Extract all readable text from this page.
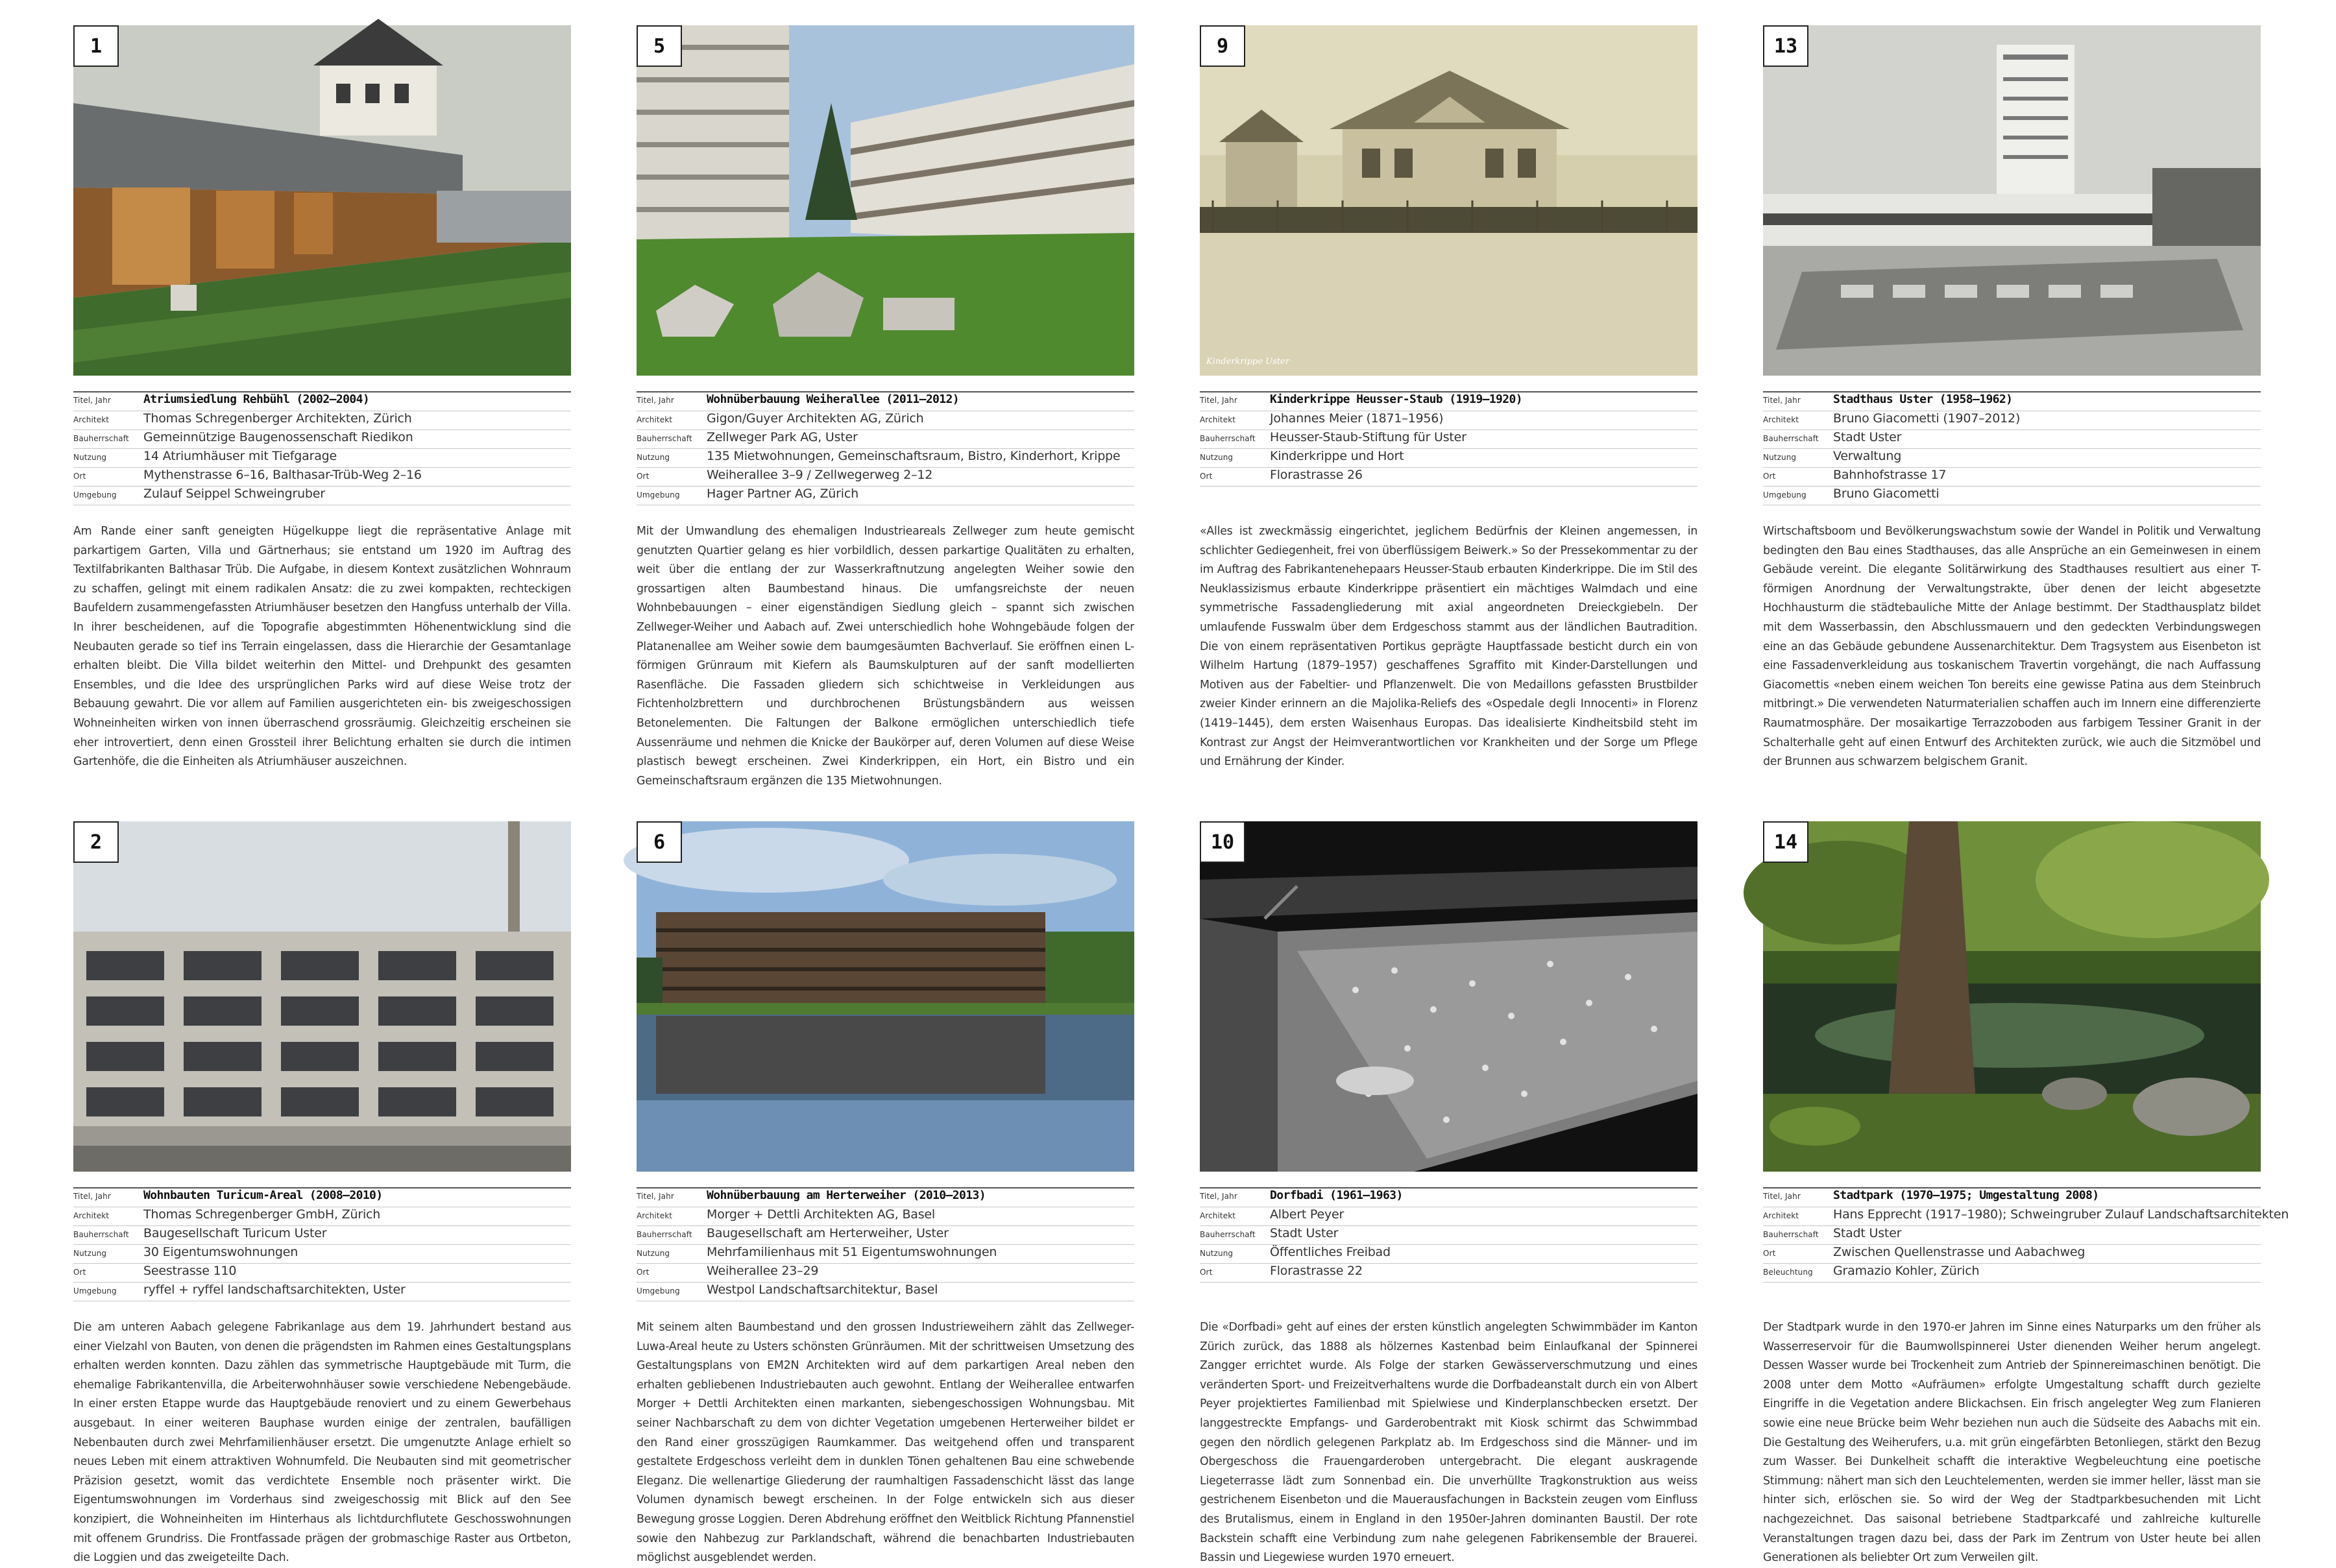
1
Titel, Jahr	Atriumsiedlung Rehbühl (2002–2004)
Architekt	Thomas Schregenberger Architekten, Zürich
Bauherrschaft	Gemeinnützige Baugenossenschaft Riedikon
Nutzung	14 Atriumhäuser mit Tiefgarage
Ort	Mythenstrasse 6–16, Balthasar-Trüb-Weg 2–16
Umgebung	Zulauf Seippel Schweingruber

Am Rande einer sanft geneigten Hügelkuppe liegt die repräsentative Anlage mit parkartigem Garten, Villa und Gärtnerhaus; sie entstand um 1920 im Auftrag des Textilfabrikanten Balthasar Trüb. Die Aufgabe, in diesem Kontext zusätzlichen Wohnraum zu schaffen, gelingt mit einem radikalen Ansatz: die zu zwei kompakten, rechteckigen Baufeldern zusammengefassten Atriumhäuser besetzen den Hangfuss unterhalb der Villa. In ihrer bescheidenen, auf die Topografie abgestimmten Höhenentwicklung sind die Neubauten gerade so tief ins Terrain eingelassen, dass die Hierarchie der Gesamtanlage erhalten bleibt. Die Villa bildet weiterhin den Mittel- und Drehpunkt des gesamten Ensembles, und die Idee des ursprünglichen Parks wird auf diese Weise trotz der Bebauung gewahrt. Die vor allem auf Familien ausgerichteten ein- bis zweigeschossigen Wohneinheiten wirken von innen überraschend grossräumig. Gleichzeitig erscheinen sie eher introvertiert, denn einen Grossteil ihrer Belichtung erhalten sie durch die intimen Gartenhöfe, die die Einheiten als Atriumhäuser auszeichnen.

5
Titel, Jahr	Wohnüberbauung Weiherallee (2011–2012)
Architekt	Gigon/Guyer Architekten AG, Zürich
Bauherrschaft	Zellweger Park AG, Uster
Nutzung	135 Mietwohnungen, Gemeinschaftsraum, Bistro, Kinderhort, Krippe
Ort	Weiherallee 3–9 / Zellwegerweg 2–12
Umgebung	Hager Partner AG, Zürich

Mit der Umwandlung des ehemaligen Industrieareals Zellweger zum heute gemischt genutzten Quartier gelang es hier vorbildlich, dessen parkartige Qualitäten zu erhalten, weit über die entlang der zur Wasserkraftnutzung angelegten Weiher sowie den grossartigen alten Baumbestand hinaus. Die umfangsreichste der neuen Wohnbebauungen – einer eigenständigen Siedlung gleich – spannt sich zwischen Zellweger-Weiher und Aabach auf. Zwei unterschiedlich hohe Wohngebäude folgen der Platanenallee am Weiher sowie dem baumgesäumten Bachverlauf. Sie eröffnen einen L-förmigen Grünraum mit Kiefern als Baumskulpturen auf der sanft modellierten Rasenfläche. Die Fassaden gliedern sich schichtweise in Verkleidungen aus Fichtenholzbrettern und durchbrochenen Brüstungsbändern aus weissen Betonelementen. Die Faltungen der Balkone ermöglichen unterschiedlich tiefe Aussenräume und nehmen die Knicke der Baukörper auf, deren Volumen auf diese Weise plastisch bewegt erscheinen. Zwei Kinderkrippen, ein Hort, ein Bistro und ein Gemeinschaftsraum ergänzen die 135 Mietwohnungen.

Kinderkrippe Uster
9
Titel, Jahr	Kinderkrippe Heusser-Staub (1919–1920)
Architekt	Johannes Meier (1871–1956)
Bauherrschaft	Heusser-Staub-Stiftung für Uster
Nutzung	Kinderkrippe und Hort
Ort	Florastrasse 26

«Alles ist zweckmässig eingerichtet, jeglichem Bedürfnis der Kleinen angemessen, in schlichter Gediegenheit, frei von überflüssigem Beiwerk.» So der Pressekommentar zu der im Auftrag des Fabrikantenehepaars Heusser-Staub erbauten Kinderkrippe. Die im Stil des Neuklassizismus erbaute Kinderkrippe präsentiert ein mächtiges Walmdach und eine symmetrische Fassadengliederung mit axial angeordneten Dreieckgiebeln. Der umlaufende Fusswalm über dem Erdgeschoss stammt aus der ländlichen Bautradition. Die von einem repräsentativen Portikus geprägte Hauptfassade besticht durch ein von Wilhelm Hartung (1879–1957) geschaffenes Sgraffito mit Kinder-Darstellungen und Motiven aus der Fabeltier- und Pflanzenwelt. Die von Medaillons gefassten Brustbilder zweier Kinder erinnern an die Majolika-Reliefs des «Ospedale degli Innocenti» in Florenz (1419–1445), dem ersten Waisenhaus Europas. Das idealisierte Kindheitsbild steht im Kontrast zur Angst der Heimverantwortlichen vor Krankheiten und der Sorge um Pflege und Ernährung der Kinder.

13
Titel, Jahr	Stadthaus Uster (1958–1962)
Architekt	Bruno Giacometti (1907–2012)
Bauherrschaft	Stadt Uster
Nutzung	Verwaltung
Ort	Bahnhofstrasse 17
Umgebung	Bruno Giacometti

Wirtschaftsboom und Bevölkerungswachstum sowie der Wandel in Politik und Verwaltung bedingten den Bau eines Stadthauses, das alle Ansprüche an ein Gemeinwesen in einem Gebäude vereint. Die elegante Solitärwirkung des Stadthauses resultiert aus einer T-förmigen Anordnung der Verwaltungstrakte, über denen der leicht abgesetzte Hochhausturm die städtebauliche Mitte der Anlage bestimmt. Der Stadthausplatz bildet mit dem Wasserbassin, den Abschlussmauern und den gedeckten Verbindungswegen eine an das Gebäude gebundene Aussenarchitektur. Dem Tragsystem aus Eisenbeton ist eine Fassadenverkleidung aus toskanischem Travertin vorgehängt, die nach Auffassung Giacomettis «neben einem weichen Ton bereits eine gewisse Patina aus dem Steinbruch mitbringt.» Die verwendeten Naturmaterialien schaffen auch im Innern eine differenzierte Raumatmosphäre. Der mosaikartige Terrazzoboden aus farbigem Tessiner Granit in der Schalterhalle geht auf einen Entwurf des Architekten zurück, wie auch die Sitzmöbel und der Brunnen aus schwarzem belgischem Granit.

2
Titel, Jahr	Wohnbauten Turicum-Areal (2008–2010)
Architekt	Thomas Schregenberger GmbH, Zürich
Bauherrschaft	Baugesellschaft Turicum Uster
Nutzung	30 Eigentumswohnungen
Ort	Seestrasse 110
Umgebung	ryffel + ryffel landschaftsarchitekten, Uster

Die am unteren Aabach gelegene Fabrikanlage aus dem 19. Jahrhundert bestand aus einer Vielzahl von Bauten, von denen die prägendsten im Rahmen eines Gestaltungsplans erhalten werden konnten. Dazu zählen das symmetrische Hauptgebäude mit Turm, die ehemalige Fabrikantenvilla, die Arbeiterwohnhäuser sowie verschiedene Nebengebäude. In einer ersten Etappe wurde das Hauptgebäude renoviert und zu einem Gewerbehaus ausgebaut. In einer weiteren Bauphase wurden einige der zentralen, baufälligen Nebenbauten durch zwei Mehrfamilienhäuser ersetzt. Die umgenutzte Anlage erhielt so neues Leben mit einem attraktiven Wohnumfeld. Die Neubauten sind mit geometrischer Präzision gesetzt, womit das verdichtete Ensemble noch präsenter wirkt. Die Eigentumswohnungen im Vorderhaus sind zweigeschossig mit Blick auf den See konzipiert, die Wohneinheiten im Hinterhaus als lichtdurchflutete Geschosswohnungen mit offenem Grundriss. Die Frontfassade prägen der grobmaschige Raster aus Ortbeton, die Loggien und das zweigeteilte Dach.

6
Titel, Jahr	Wohnüberbauung am Herterweiher (2010–2013)
Architekt	Morger + Dettli Architekten AG, Basel
Bauherrschaft	Baugesellschaft am Herterweiher, Uster
Nutzung	Mehrfamilienhaus mit 51 Eigentumswohnungen
Ort	Weiherallee 23–29
Umgebung	Westpol Landschaftsarchitektur, Basel

Mit seinem alten Baumbestand und den grossen Industrieweihern zählt das Zellweger-Luwa-Areal heute zu Usters schönsten Grünräumen. Mit der schrittweisen Umsetzung des Gestaltungsplans von EM2N Architekten wird auf dem parkartigen Areal neben den erhalten gebliebenen Industriebauten auch gewohnt. Entlang der Weiherallee entwarfen Morger + Dettli Architekten einen markanten, siebengeschossigen Wohnungsbau. Mit seiner Nachbarschaft zu dem von dichter Vegetation umgebenen Herterweiher bildet er den Rand einer grosszügigen Raumkammer. Das weitgehend offen und transparent gestaltete Erdgeschoss verleiht dem in dunklen Tönen gehaltenen Bau eine schwebende Eleganz. Die wellenartige Gliederung der raumhaltigen Fassadenschicht lässt das lange Volumen dynamisch bewegt erscheinen. In der Folge entwickeln sich aus dieser Bewegung grosse Loggien. Deren Abdrehung eröffnet den Weitblick Richtung Pfannenstiel sowie den Nahbezug zur Parklandschaft, während die benachbarten Industriebauten möglichst ausgeblendet werden.

10
Titel, Jahr	Dorfbadi (1961–1963)
Architekt	Albert Peyer
Bauherrschaft	Stadt Uster
Nutzung	Öffentliches Freibad
Ort	Florastrasse 22

Die «Dorfbadi» geht auf eines der ersten künstlich angelegten Schwimmbäder im Kanton Zürich zurück, das 1888 als hölzernes Kastenbad beim Einlaufkanal der Spinnerei Zangger errichtet wurde. Als Folge der starken Gewässerverschmutzung und eines veränderten Sport- und Freizeitverhaltens wurde die Dorfbadeanstalt durch ein von Albert Peyer projektiertes Familienbad mit Spielwiese und Kinderplanschbecken ersetzt. Der langgestreckte Empfangs- und Garderobentrakt mit Kiosk schirmt das Schwimmbad gegen den nördlich gelegenen Parkplatz ab. Im Erdgeschoss sind die Männer- und im Obergeschoss die Frauengarderoben untergebracht. Die elegant auskragende Liegeterrasse lädt zum Sonnenbad ein. Die unverhüllte Tragkonstruktion aus weiss gestrichenem Eisenbeton und die Mauerausfachungen in Backstein zeugen vom Einfluss des Brutalismus, einem in England in den 1950er-Jahren dominanten Baustil. Der rote Backstein schafft eine Verbindung zum nahe gelegenen Fabrikensemble der Brauerei. Bassin und Liegewiese wurden 1970 erneuert.

14
Titel, Jahr	Stadtpark (1970–1975; Umgestaltung 2008)
Architekt	Hans Epprecht (1917–1980); Schweingruber Zulauf Landschaftsarchitekten
Bauherrschaft	Stadt Uster
Ort	Zwischen Quellenstrasse und Aabachweg
Beleuchtung	Gramazio Kohler, Zürich

Der Stadtpark wurde in den 1970-er Jahren im Sinne eines Naturparks um den früher als Wasserreservoir für die Baumwollspinnerei Uster dienenden Weiher herum angelegt. Dessen Wasser wurde bei Trockenheit zum Antrieb der Spinnereimaschinen benötigt. Die 2008 unter dem Motto «Aufräumen» erfolgte Umgestaltung schafft durch gezielte Eingriffe in die Vegetation andere Blickachsen. Ein frisch angelegter Weg zum Flanieren sowie eine neue Brücke beim Wehr beziehen nun auch die Südseite des Aabachs mit ein. Die Gestaltung des Weiherufers, u.a. mit grün eingefärbten Betonliegen, stärkt den Bezug zum Wasser. Bei Dunkelheit schafft die interaktive Wegbeleuchtung eine poetische Stimmung: nähert man sich den Leuchtelementen, werden sie immer heller, lässt man sie hinter sich, erlöschen sie. So wird der Weg der Stadtparkbesuchenden mit Licht nachgezeichnet. Das saisonal betriebene Stadtparkcafé und zahlreiche kulturelle Veranstaltungen tragen dazu bei, dass der Park im Zentrum von Uster heute bei allen Generationen als beliebter Ort zum Verweilen gilt.
